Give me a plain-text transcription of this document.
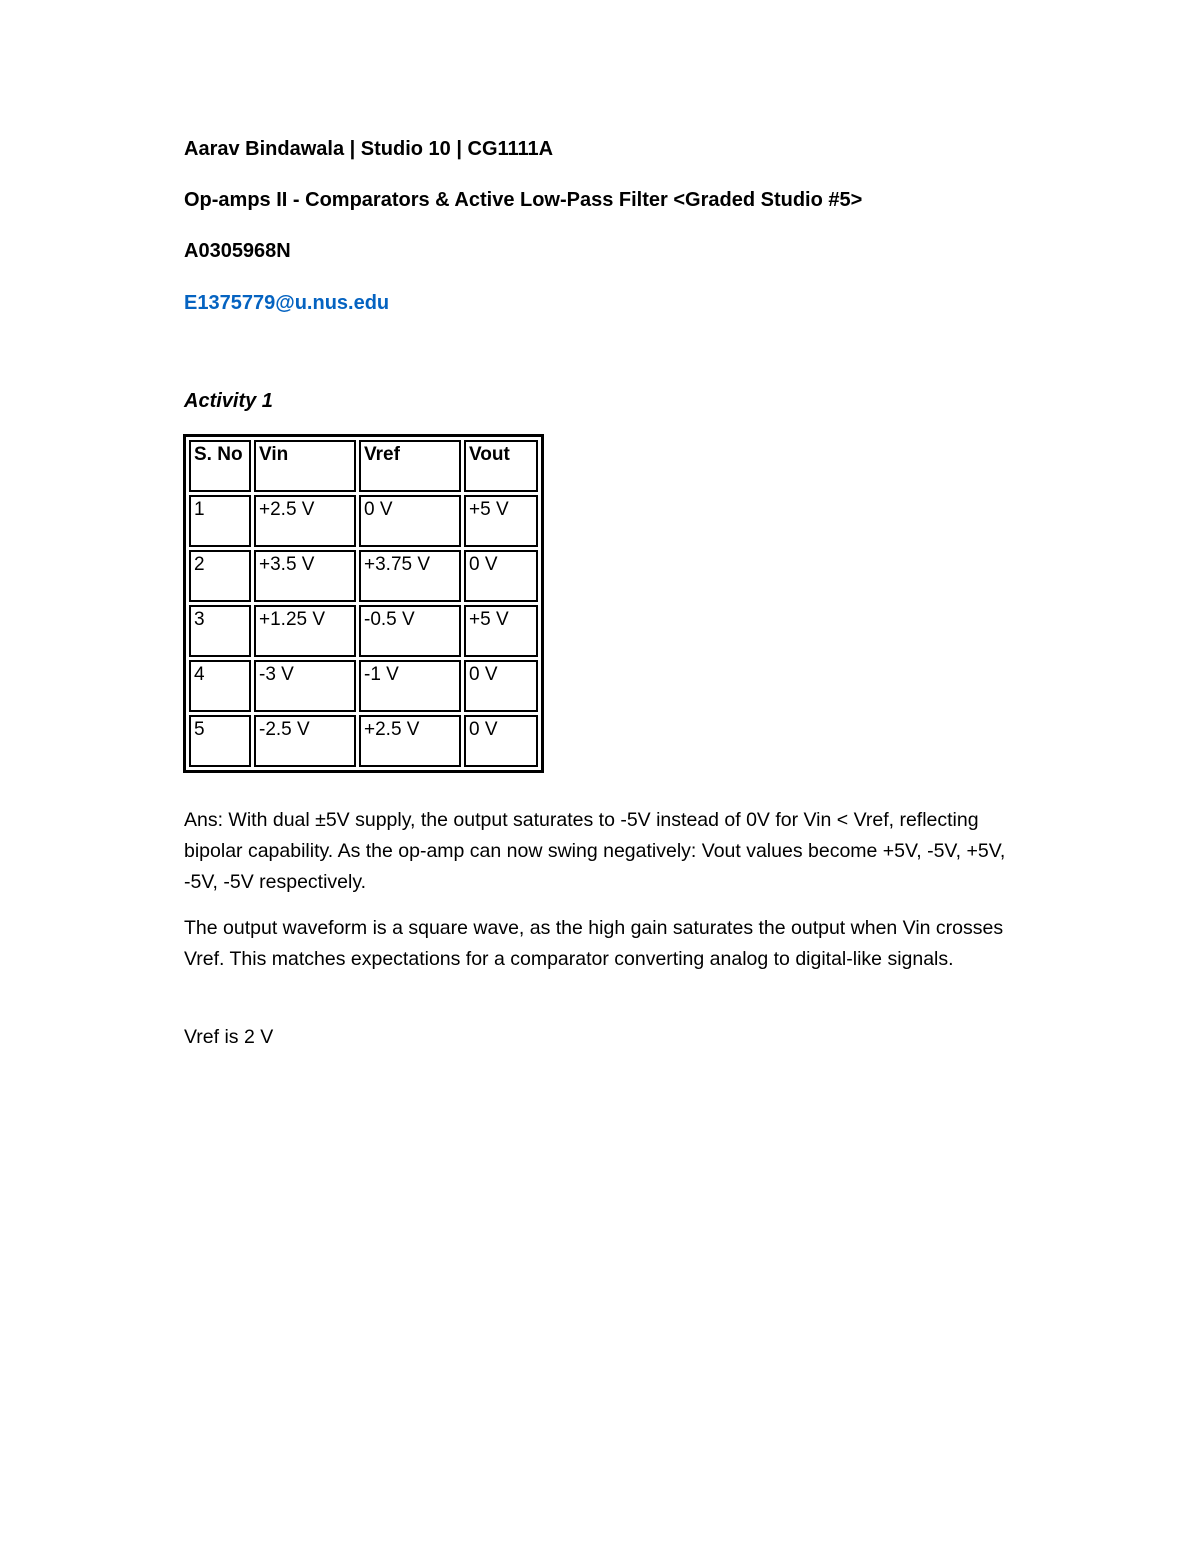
Aarav Bindawala | Studio 10 | CG1111A
Op-amps II - Comparators & Active Low-Pass Filter <Graded Studio #5>
A0305968N
E1375779@u.nus.edu
Activity 1
S. No	Vin	Vref	Vout
1	+2.5 V	0 V	+5 V
2	+3.5 V	+3.75 V	0 V
3	+1.25 V	-0.5 V	+5 V
4	-3 V	-1 V	0 V
5	-2.5 V	+2.5 V	0 V
Ans: With dual ±5V supply, the output saturates to -5V instead of 0V for Vin < Vref, reflecting bipolar capability. As the op-amp can now swing negatively: Vout values become +5V, -5V, +5V, -5V, -5V respectively.
The output waveform is a square wave, as the high gain saturates the output when Vin crosses Vref. This matches expectations for a comparator converting analog to digital-like signals.
Vref is 2 V
